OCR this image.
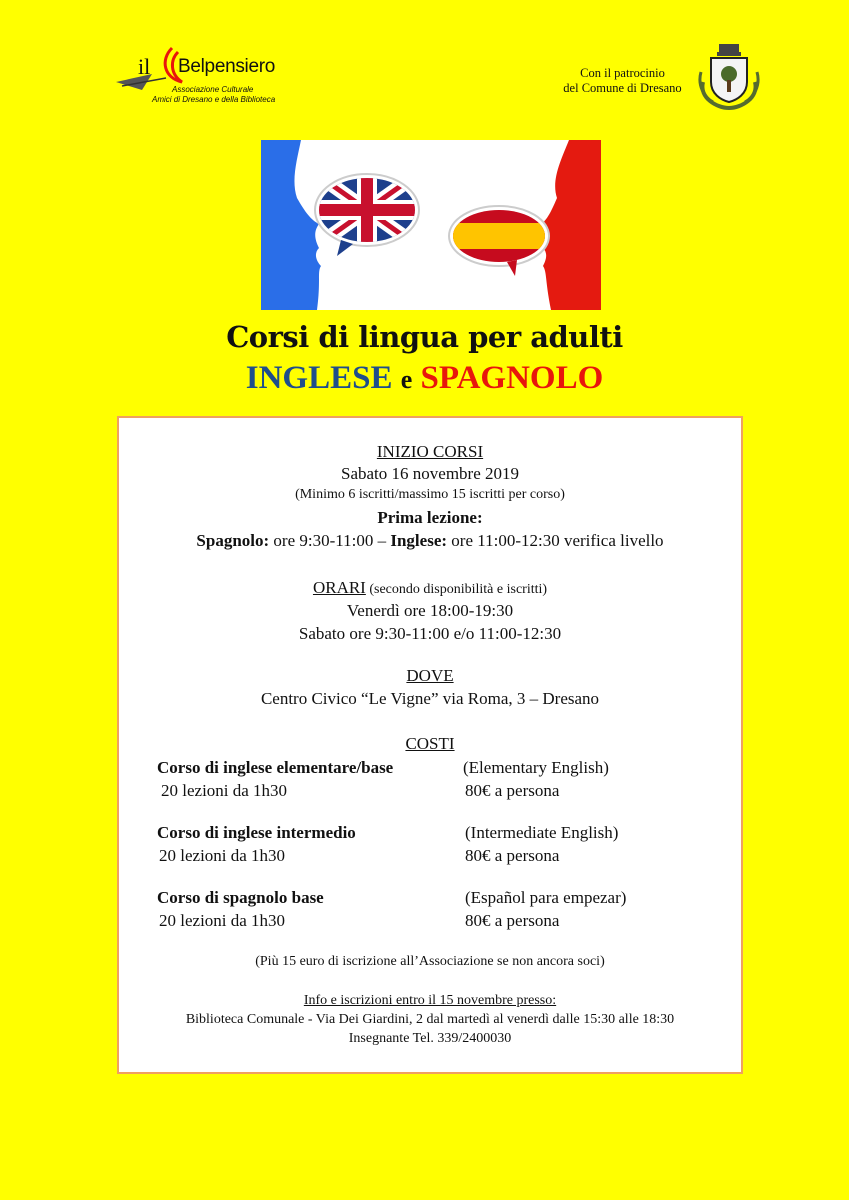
il Belpensiero
Associazione Culturale
Amici di Dresano e della Biblioteca
Con il patrocinio
del Comune di Dresano
Corsi di lingua per adulti
INGLESE e SPAGNOLO
INIZIO CORSI
Sabato 16 novembre 2019
(Minimo 6 iscritti/massimo 15 iscritti per corso)
Prima lezione:
Spagnolo: ore 9:30-11:00 – Inglese: ore 11:00-12:30 verifica livello
ORARI (secondo disponibilità e iscritti)
Venerdì ore 18:00-19:30
Sabato ore 9:30-11:00 e/o 11:00-12:30
DOVE
Centro Civico “Le Vigne” via Roma, 3 – Dresano
COSTI
Corso di inglese elementare/base	(Elementary English)
20 lezioni da 1h30	80€ a persona
Corso di inglese intermedio	(Intermediate English)
20 lezioni da 1h30	80€ a persona
Corso di spagnolo base	(Español para empezar)
20 lezioni da 1h30	80€ a persona
(Più 15 euro di iscrizione all’Associazione se non ancora soci)
Info e iscrizioni entro il 15 novembre presso:
Biblioteca Comunale - Via Dei Giardini, 2 dal martedì al venerdì dalle 15:30 alle 18:30
Insegnante Tel. 339/2400030
